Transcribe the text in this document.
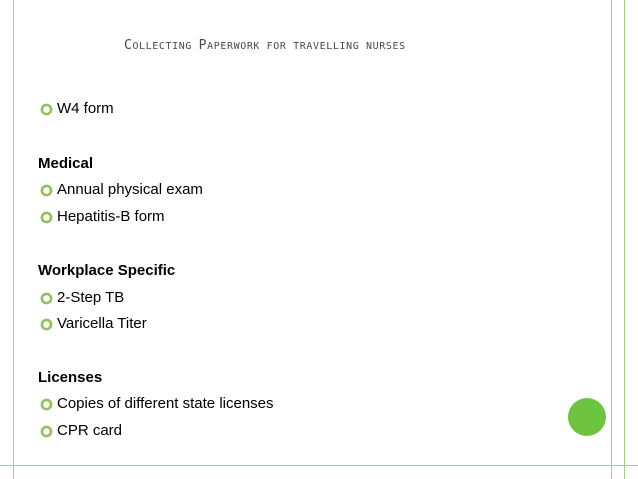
COLLECTING PAPERWORK FOR TRAVELLING NURSES
W4 form
Medical
Annual physical exam
Hepatitis-B form
Workplace Specific
2-Step TB
Varicella Titer
Licenses
Copies of different state licenses
CPR card
